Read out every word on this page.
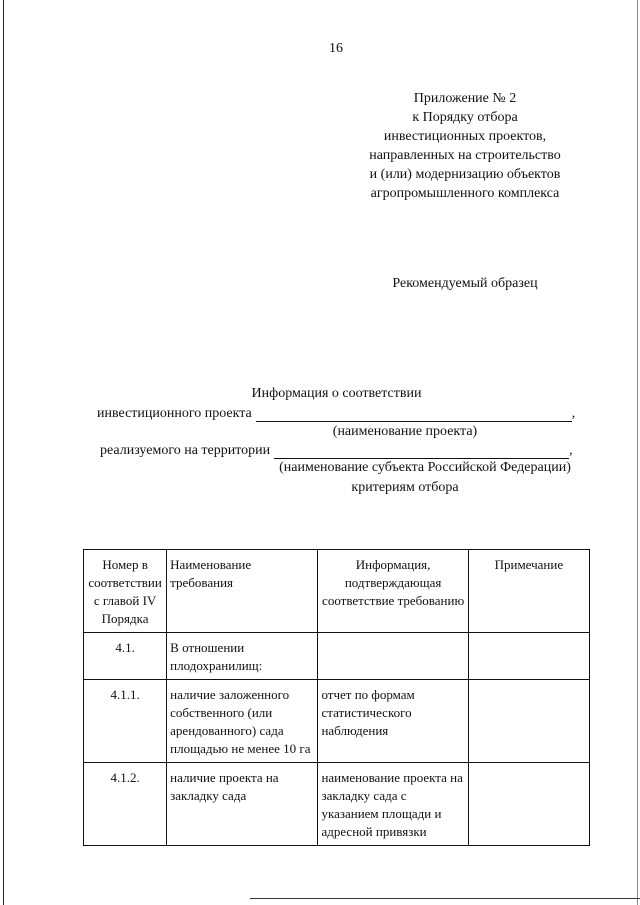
16
Приложение № 2
к Порядку отбора
инвестиционных проектов,
направленных на строительство
и (или) модернизацию объектов
агропромышленного комплекса
Рекомендуемый образец
Информация о соответствии
инвестиционного проекта	,
(наименование проекта)
реализуемого на территории	,
(наименование субъекта Российской Федерации)
критериям отбора
Номер в соответствии с главой IV Порядка	Наименование требования	Информация, подтверждающая соответствие требованию	Примечание
4.1.	В отношении плодохранилищ:		
4.1.1.	наличие заложенного собственного (или арендованного) сада площадью не менее 10 га	отчет по формам статистического наблюдения	
4.1.2.	наличие проекта на закладку сада	наименование проекта на закладку сада с указанием площади и адресной привязки	
